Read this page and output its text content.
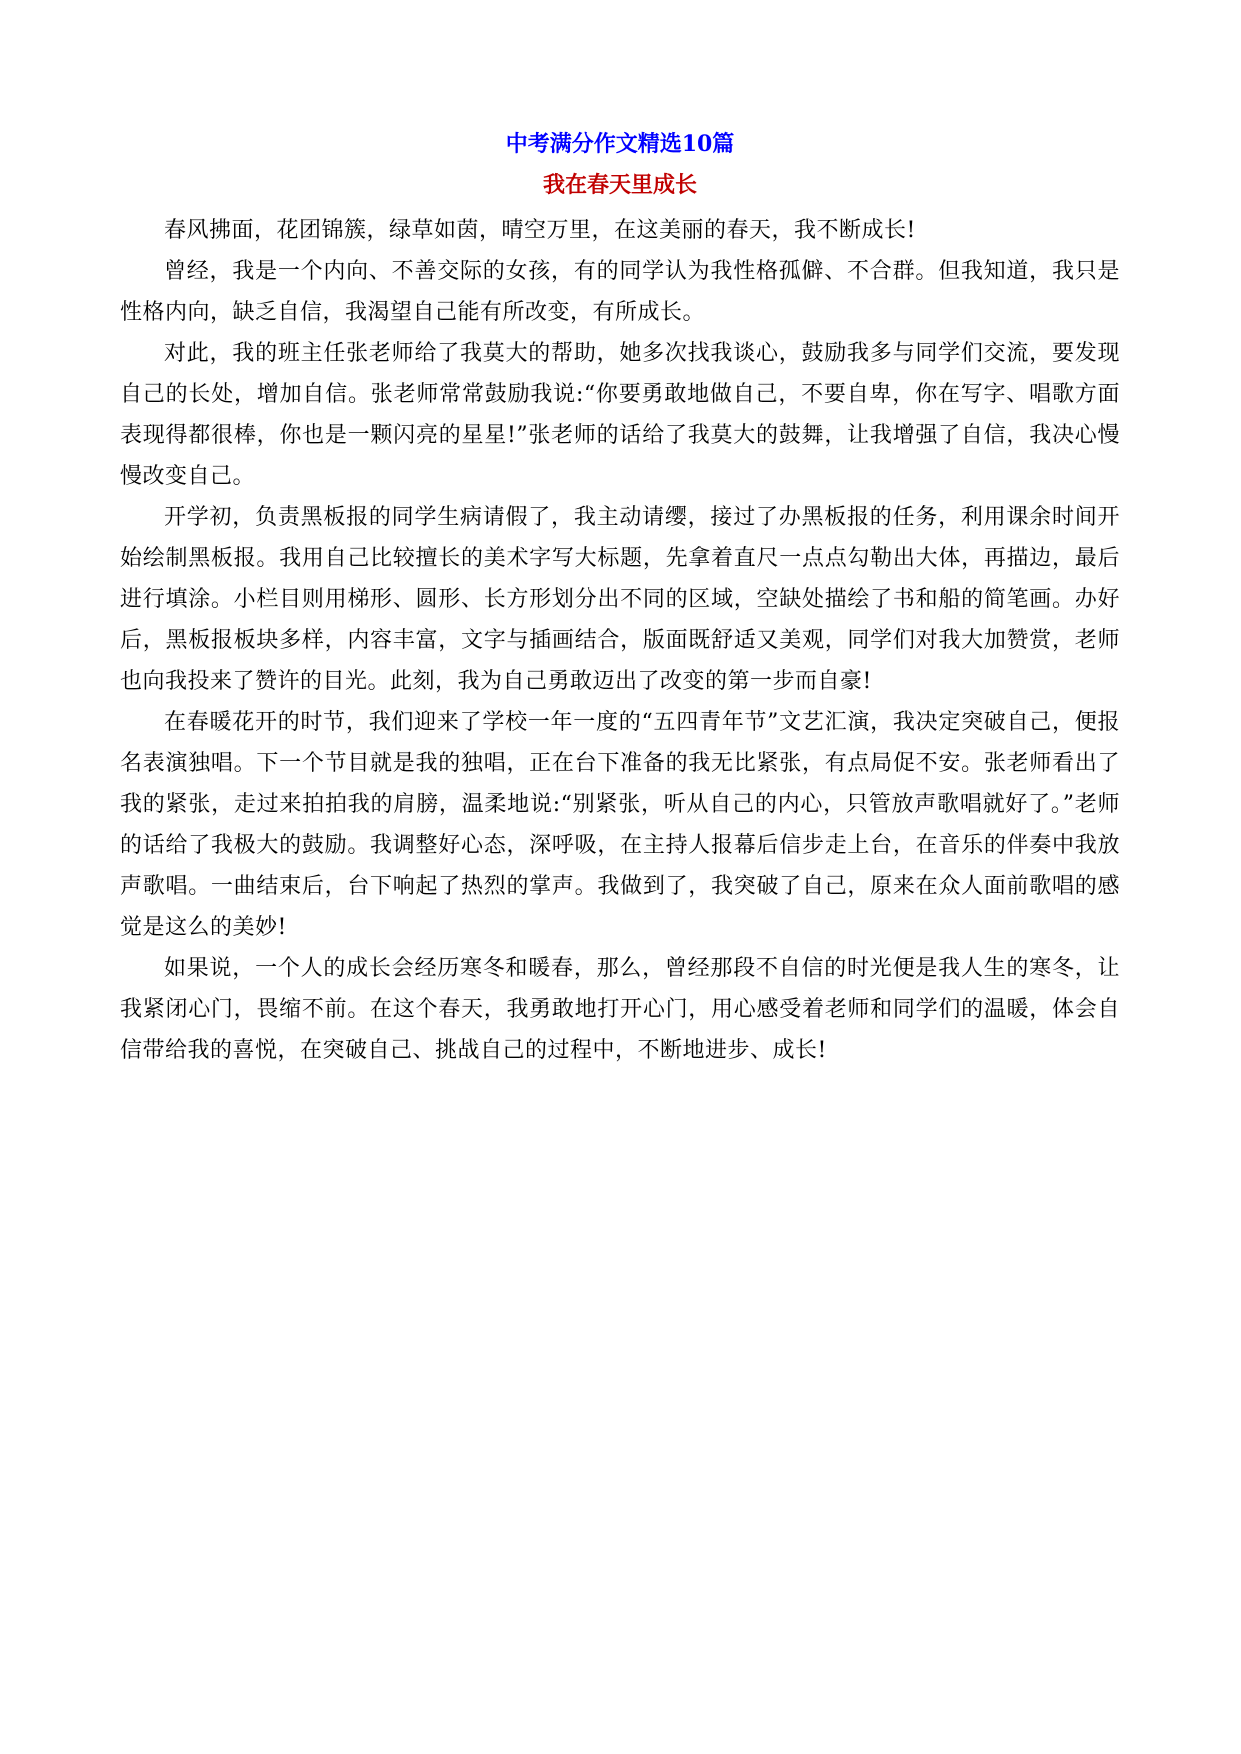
中考满分作文精选10篇
我在春天里成长

春风拂面，花团锦簇，绿草如茵，晴空万里，在这美丽的春天，我不断成长!

曾经，我是一个内向、不善交际的女孩，有的同学认为我性格孤僻、不合群。但我知道，我只是性格内向，缺乏自信，我渴望自己能有所改变，有所成长。

对此，我的班主任张老师给了我莫大的帮助，她多次找我谈心，鼓励我多与同学们交流，要发现自己的长处，增加自信。张老师常常鼓励我说:“你要勇敢地做自己，不要自卑，你在写字、唱歌方面表现得都很棒，你也是一颗闪亮的星星!”张老师的话给了我莫大的鼓舞，让我增强了自信，我决心慢慢改变自己。

开学初，负责黑板报的同学生病请假了，我主动请缨，接过了办黑板报的任务，利用课余时间开始绘制黑板报。我用自己比较擅长的美术字写大标题，先拿着直尺一点点勾勒出大体，再描边，最后进行填涂。小栏目则用梯形、圆形、长方形划分出不同的区域，空缺处描绘了书和船的简笔画。办好后，黑板报板块多样，内容丰富，文字与插画结合，版面既舒适又美观，同学们对我大加赞赏，老师也向我投来了赞许的目光。此刻，我为自己勇敢迈出了改变的第一步而自豪!

在春暖花开的时节，我们迎来了学校一年一度的“五四青年节”文艺汇演，我决定突破自己，便报名表演独唱。下一个节目就是我的独唱，正在台下准备的我无比紧张，有点局促不安。张老师看出了我的紧张，走过来拍拍我的肩膀，温柔地说:“别紧张，听从自己的内心，只管放声歌唱就好了。”老师的话给了我极大的鼓励。我调整好心态，深呼吸，在主持人报幕后信步走上台，在音乐的伴奏中我放声歌唱。一曲结束后，台下响起了热烈的掌声。我做到了，我突破了自己，原来在众人面前歌唱的感觉是这么的美妙!

如果说，一个人的成长会经历寒冬和暖春，那么，曾经那段不自信的时光便是我人生的寒冬，让我紧闭心门，畏缩不前。在这个春天，我勇敢地打开心门，用心感受着老师和同学们的温暖，体会自信带给我的喜悦，在突破自己、挑战自己的过程中，不断地进步、成长!
